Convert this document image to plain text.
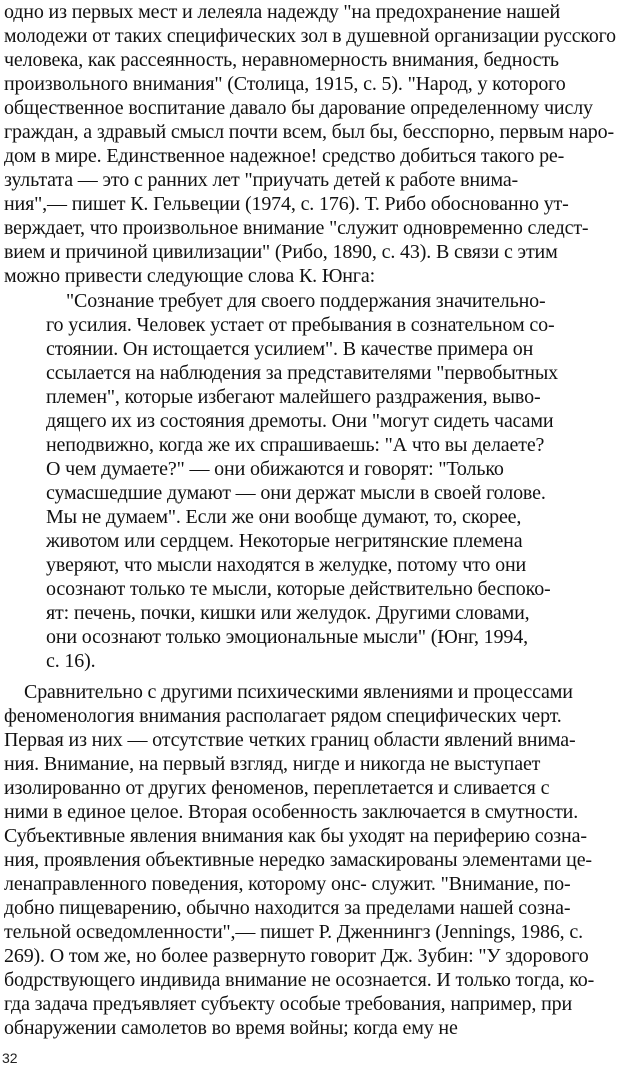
одно из первых мест и лелеяла надежду "на предохранение нашей
молодежи от таких специфических зол в душевной организации русского
человека, как рассеянность, неравномерность внимания, бедность
произвольного внимания" (Столица, 1915, с. 5). "Народ, у которого
общественное воспитание давало бы дарование определенному числу
граждан, а здравый смысл почти всем, был бы, бесспорно, первым наро-
дом в мире. Единственное надежное! средство добиться такого ре-
зультата — это с ранних лет "приучать детей к работе внима-
ния",— пишет К. Гельвеции (1974, с. 176). Т. Рибо обоснованно ут-
верждает, что произвольное внимание "служит одновременно следст-
вием и причиной цивилизации" (Рибо, 1890, с. 43). В связи с этим
можно привести следующие слова К. Юнга:
"Сознание требует для своего поддержания значительно-
го усилия. Человек устает от пребывания в сознательном со-
стоянии. Он истощается усилием". В качестве примера он
ссылается на наблюдения за представителями "первобытных
племен", которые избегают малейшего раздражения, выво-
дящего их из состояния дремоты. Они "могут сидеть часами
неподвижно, когда же их спрашиваешь: "А что вы делаете?
О чем думаете?" — они обижаются и говорят: "Только
сумасшедшие думают — они держат мысли в своей голове.
Мы не думаем". Если же они вообще думают, то, скорее,
животом или сердцем. Некоторые негритянские племена
уверяют, что мысли находятся в желудке, потому что они
осознают только те мысли, которые действительно беспоко-
ят: печень, почки, кишки или желудок. Другими словами,
они осознают только эмоциональные мысли" (Юнг, 1994,
с. 16).
Сравнительно с другими психическими явлениями и процессами
феноменология внимания располагает рядом специфических черт.
Первая из них — отсутствие четких границ области явлений внима-
ния. Внимание, на первый взгляд, нигде и никогда не выступает
изолированно от других феноменов, переплетается и сливается с
ними в единое целое. Вторая особенность заключается в смутности.
Субъективные явления внимания как бы уходят на периферию созна-
ния, проявления объективные нередко замаскированы элементами це-
ленаправленного поведения, которому онс- служит. "Внимание, по-
добно пищеварению, обычно находится за пределами нашей созна-
тельной осведомленности",— пишет Р. Дженнингз (Jennings, 1986, с.
269). О том же, но более развернуто говорит Дж. Зубин: "У здорового
бодрствующего индивида внимание не осознается. И только тогда, ко-
гда задача предъявляет субъекту особые требования, например, при
обнаружении самолетов во время войны; когда ему не
32
